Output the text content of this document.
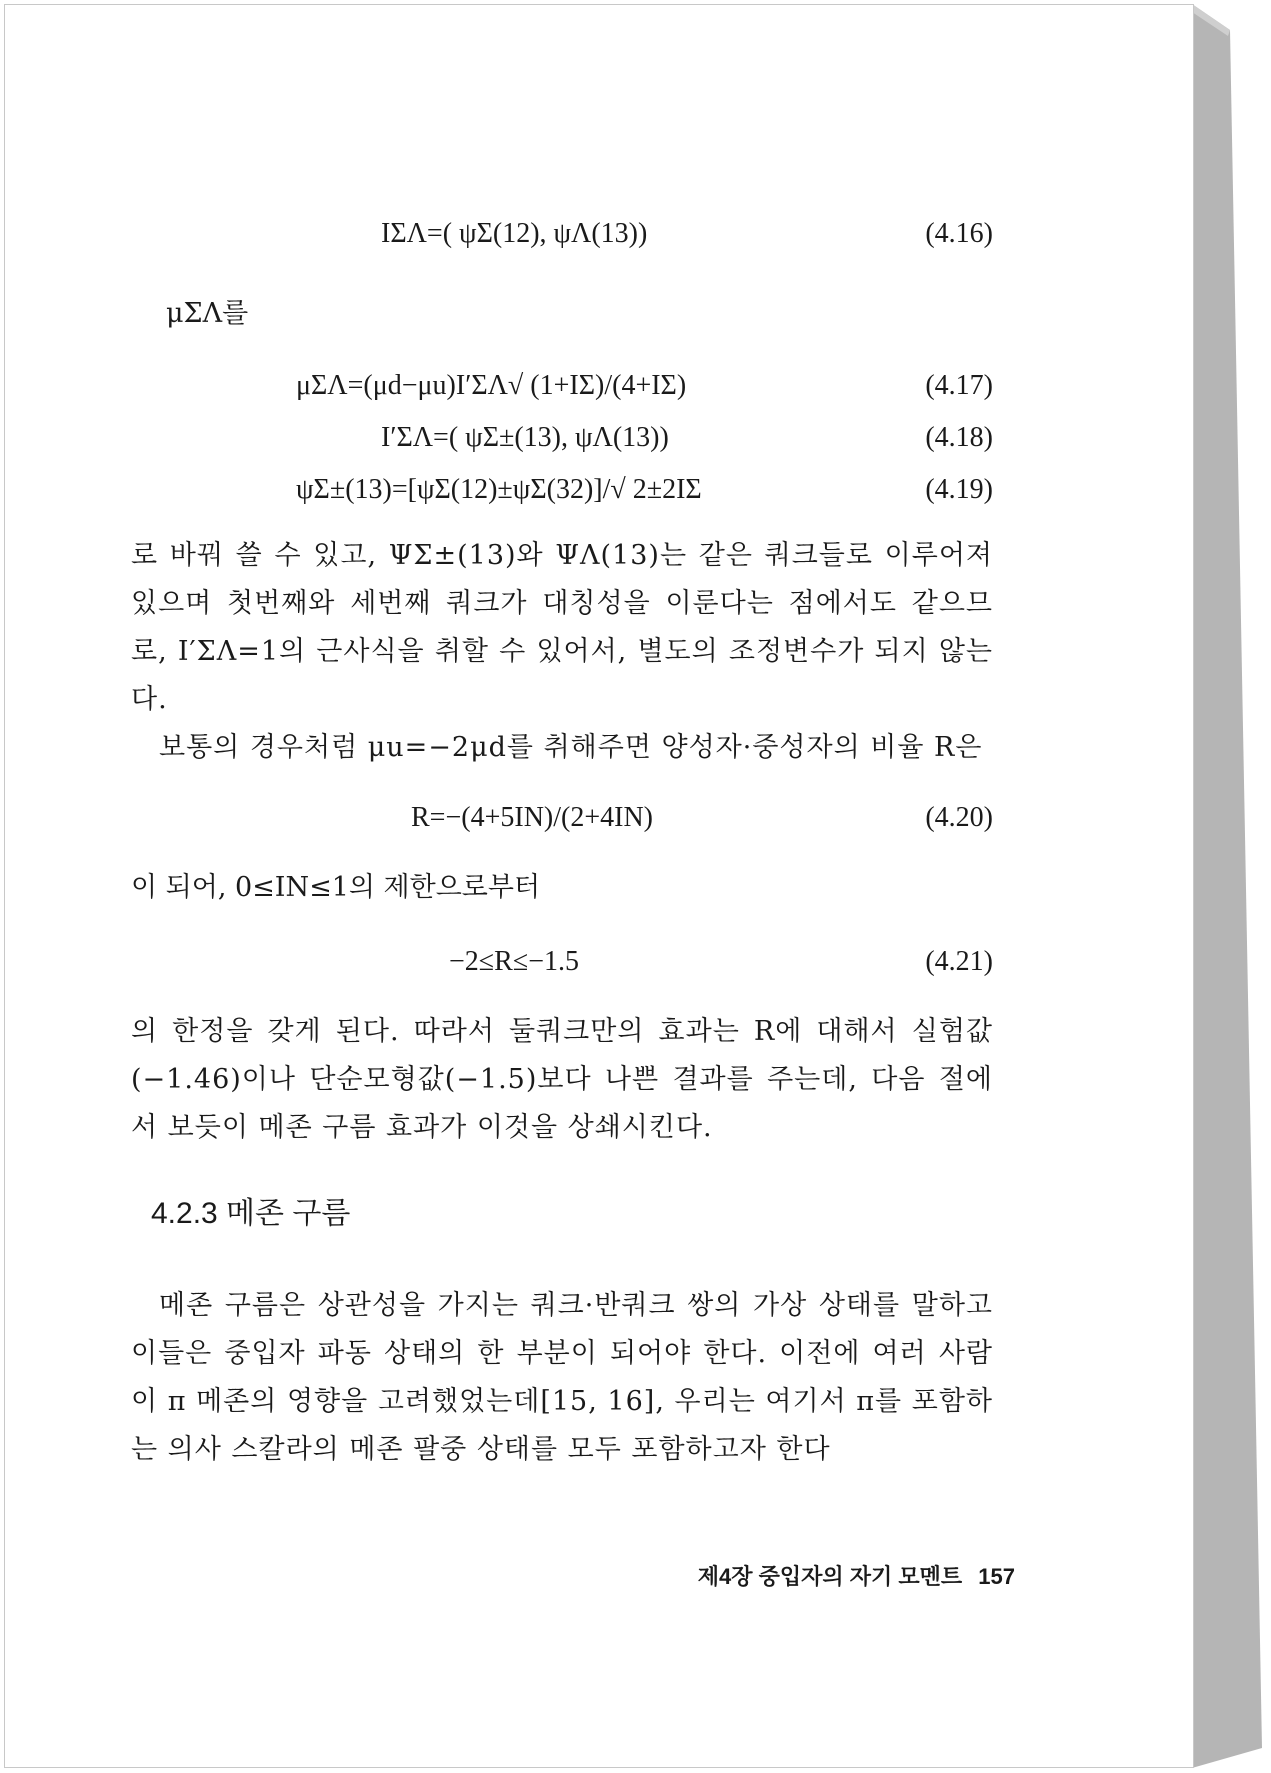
IΣΛ=( ψΣ(12), ψΛ(13))	(4.16)
μΣΛ를
μΣΛ=(μd−μu)I′ΣΛ√ (1+IΣ)/(4+IΣ)	(4.17)
I′ΣΛ=( ψΣ±(13), ψΛ(13))	(4.18)
ψΣ±(13)=[ψΣ(12)±ψΣ(32)]/√ 2±2IΣ	(4.19)
로 바꿔 쓸 수 있고, ΨΣ±(13)와 ΨΛ(13)는 같은 쿼크들로 이루어져 있으며 첫번째와 세번째 쿼크가 대칭성을 이룬다는 점에서도 같으므로, I′ΣΛ=1의 근사식을 취할 수 있어서, 별도의 조정변수가 되지 않는다.
보통의 경우처럼 μu=−2μd를 취해주면 양성자·중성자의 비율 R은
R=−(4+5IN)/(2+4IN)	(4.20)
이 되어, 0≤IN≤1의 제한으로부터
−2≤R≤−1.5	(4.21)
의 한정을 갖게 된다. 따라서 둘쿼크만의 효과는 R에 대해서 실험값(−1.46)이나 단순모형값(−1.5)보다 나쁜 결과를 주는데, 다음 절에서 보듯이 메존 구름 효과가 이것을 상쇄시킨다.
4.2.3 메존 구름
메존 구름은 상관성을 가지는 쿼크·반쿼크 쌍의 가상 상태를 말하고 이들은 중입자 파동 상태의 한 부분이 되어야 한다. 이전에 여러 사람이 π 메존의 영향을 고려했었는데[15, 16], 우리는 여기서 π를 포함하는 의사 스칼라의 메존 팔중 상태를 모두 포함하고자 한다
제4장 중입자의 자기 모멘트 157
